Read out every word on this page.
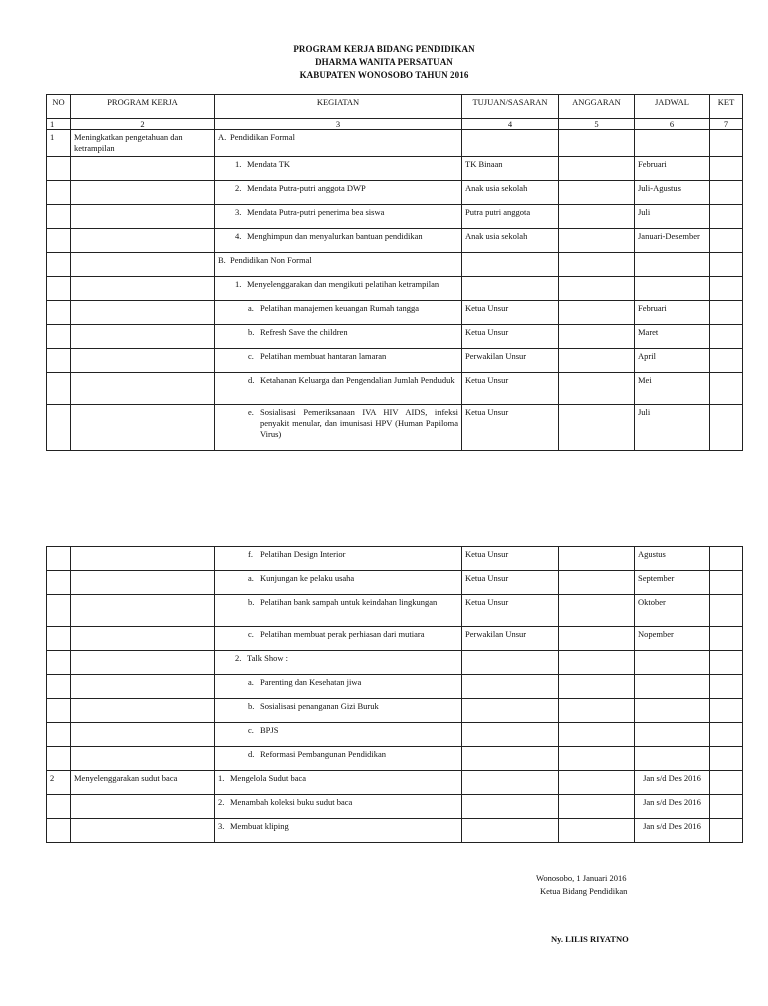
PROGRAM KERJA BIDANG PENDIDIKAN
DHARMA WANITA PERSATUAN
KABUPATEN WONOSOBO TAHUN 2016
NO	PROGRAM KERJA	KEGIATAN	TUJUAN/SASARAN	ANGGARAN	JADWAL	KET
1	2	3	4	5	6	7
1	Meningkatkan pengetahuan dan ketrampilan	A. Pendidikan Formal				

		1. Mendata TK	TK Binaan		Februari	

		2. Mendata Putra-putri anggota DWP	Anak usia sekolah		Juli-Agustus	

		3. Mendata Putra-putri penerima bea siswa	Putra putri anggota		Juli	

		4. Menghimpun dan menyalurkan bantuan pendidikan	Anak usia sekolah		Januari-Desember	

		B. Pendidikan Non Formal				

		1. Menyelenggarakan dan mengikuti pelatihan ketrampilan				

		a. Pelatihan manajemen keuangan Rumah tangga	Ketua Unsur		Februari	

		b. Refresh Save the children	Ketua Unsur		Maret	

		c. Pelatihan membuat hantaran lamaran	Perwakilan Unsur		April	

		d. Ketahanan Keluarga dan Pengendalian Jumlah Penduduk	Ketua Unsur		Mei	

		e. Sosialisasi Pemeriksanaan IVA HIV AIDS, infeksi penyakit menular, dan imunisasi HPV (Human Papiloma Virus)	Ketua Unsur		Juli	

		f. Pelatihan Design Interior	Ketua Unsur		Agustus	

		a. Kunjungan ke pelaku usaha	Ketua Unsur		September	

		b. Pelatihan bank sampah untuk keindahan lingkungan	Ketua Unsur		Oktober	

		c. Pelatihan membuat perak perhiasan dari mutiara	Perwakilan Unsur		Nopember	

		2. Talk Show :				

		a. Parenting dan Kesehatan jiwa				

		b. Sosialisasi penanganan Gizi Buruk				

		c. BPJS				

		d. Reformasi Pembangunan Pendidikan				

2	Menyelenggarakan sudut baca	1. Mengelola Sudut baca			Jan s/d Des 2016	

		2. Menambah koleksi buku sudut baca			Jan s/d Des 2016	

		3. Membuat kliping			Jan s/d Des 2016	
Wonosobo, 1 Januari 2016
Ketua Bidang Pendidikan
Ny. LILIS RIYATNO
